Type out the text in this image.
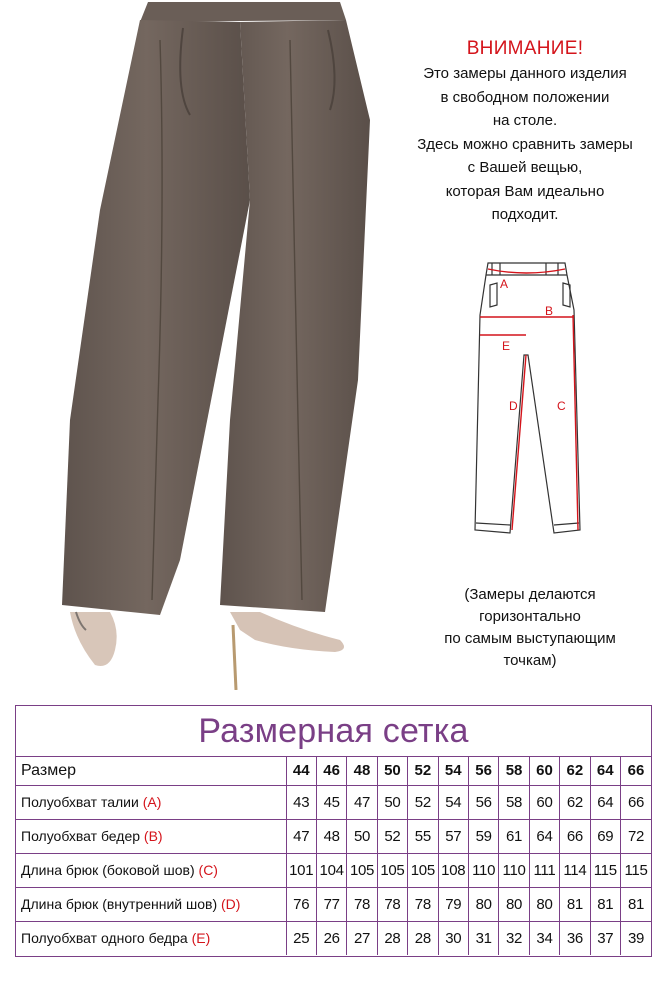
ВНИМАНИЕ!
Это замеры данного изделия
в свободном положении
на столе.
Здесь можно сравнить замеры
с Вашей вещью,
которая Вам идеально
подходит.
A
B
E
D	C
(Замеры делаются
горизонтально
по самым выступающим
точкам)
Размерная сетка
Размер	44	46	48	50	52	54	56	58	60	62	64	66
Полуобхват талии (A)	43	45	47	50	52	54	56	58	60	62	64	66
Полуобхват бедер (B)	47	48	50	52	55	57	59	61	64	66	69	72
Длина брюк (боковой шов) (C)	101	104	105	105	105	108	110	110	111	114	115	115
Длина брюк (внутренний шов) (D)	76	77	78	78	78	79	80	80	80	81	81	81
Полуобхват одного бедра (E)	25	26	27	28	28	30	31	32	34	36	37	39
